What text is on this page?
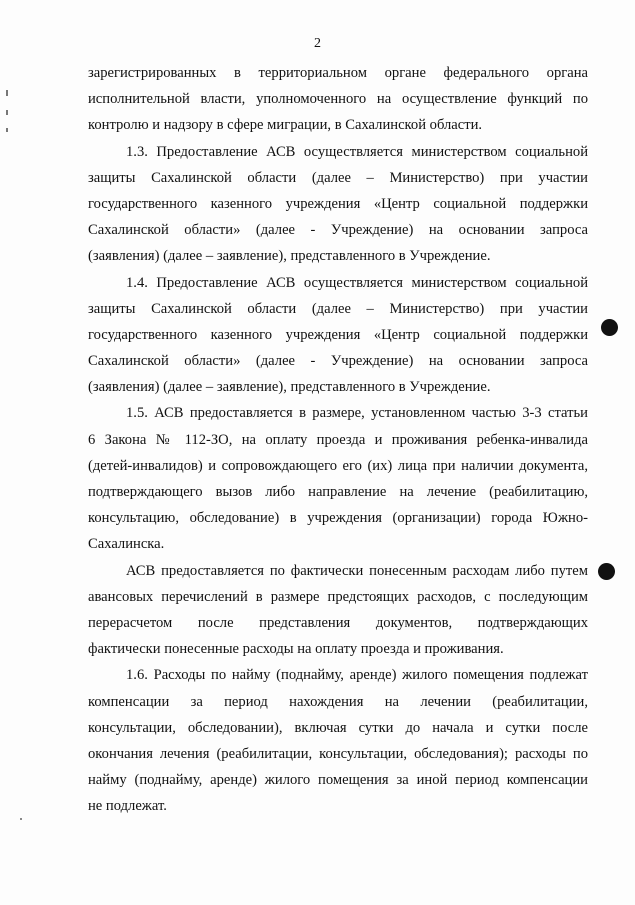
2
зарегистрированных в территориальном органе федерального органа
исполнительной власти, уполномоченного на осуществление функций по
контролю и надзору в сфере миграции, в Сахалинской области.
1.3. Предоставление АСВ осуществляется министерством социальной
защиты Сахалинской области (далее – Министерство) при участии
государственного казенного учреждения «Центр социальной поддержки
Сахалинской области» (далее - Учреждение) на основании запроса
(заявления) (далее – заявление), представленного в Учреждение.
1.4. Предоставление АСВ осуществляется министерством социальной
защиты Сахалинской области (далее – Министерство) при участии
государственного казенного учреждения «Центр социальной поддержки
Сахалинской области» (далее - Учреждение) на основании запроса
(заявления) (далее – заявление), представленного в Учреждение.
1.5. АСВ предоставляется в размере, установленном частью 3-3 статьи
6 Закона № 112-ЗО, на оплату проезда и проживания ребенка-инвалида
(детей-инвалидов) и сопровождающего его (их) лица при наличии документа,
подтверждающего вызов либо направление на лечение (реабилитацию,
консультацию, обследование) в учреждения (организации) города Южно-
Сахалинска.
АСВ предоставляется по фактически понесенным расходам либо путем
авансовых перечислений в размере предстоящих расходов, с последующим
перерасчетом после представления документов, подтверждающих
фактически понесенные расходы на оплату проезда и проживания.
1.6. Расходы по найму (поднайму, аренде) жилого помещения подлежат
компенсации за период нахождения на лечении (реабилитации,
консультации, обследовании), включая сутки до начала и сутки после
окончания лечения (реабилитации, консультации, обследования); расходы по
найму (поднайму, аренде) жилого помещения за иной период компенсации
не подлежат.
